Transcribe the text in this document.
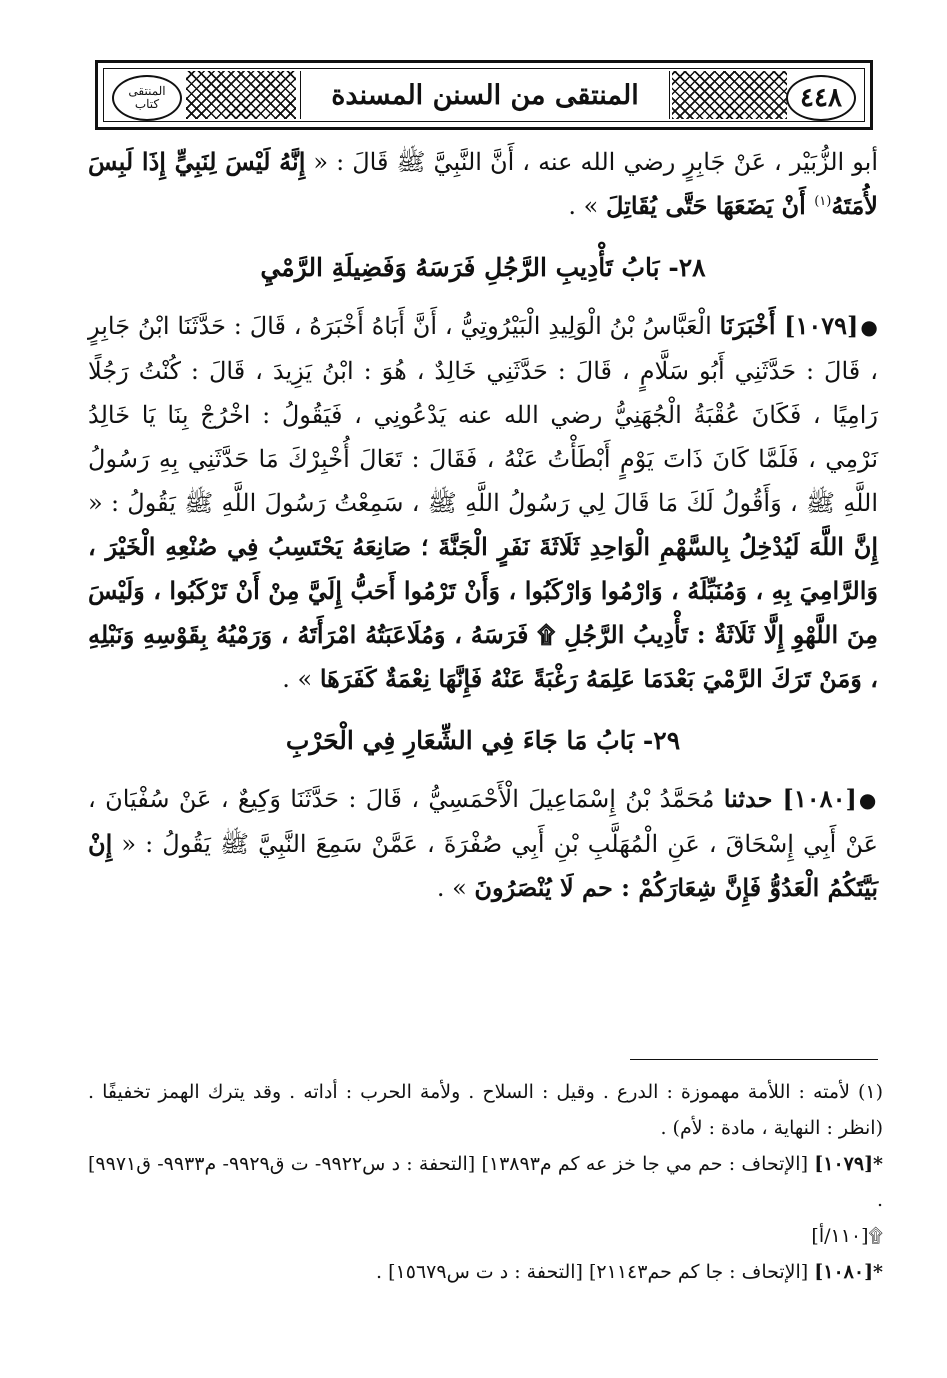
المنتقى
كتاب	المنتقى من السنن المسندة	٤٤٨

أبو الزُّبَيْر ، عَنْ جَابِرٍ رضي الله عنه ، أَنَّ النَّبِيَّ ﷺ قَالَ : « إِنَّهُ لَيْسَ لِنَبِيٍّ إِذَا لَبِسَ لأُمَتَهُ$^{(١)}$ أَنْ يَضَعَهَا حَتَّى يُقَاتِلَ » .

٢٨- بَابُ تَأْدِيبِ الرَّجُلِ فَرَسَهُ وَفَضِيلَةِ الرَّمْيِ

●[١٠٧٩] أَخْبَرَنَا الْعَبَّاسُ بْنُ الْوَلِيدِ الْبَيْرُوتِيُّ ، أَنَّ أَبَاهُ أَخْبَرَهُ ، قَالَ : حَدَّثَنَا ابْنُ جَابِرٍ ، قَالَ : حَدَّثَنِي أَبُو سَلَّامٍ ، قَالَ : حَدَّثَنِي خَالِدٌ ، هُوَ : ابْنُ يَزِيدَ ، قَالَ : كُنْتُ رَجُلًا رَامِيًا ، فَكَانَ عُقْبَةُ الْجُهَنِيُّ رضي الله عنه يَدْعُونِي ، فَيَقُولُ : اخْرُجْ بِنَا يَا خَالِدُ نَرْمِي ، فَلَمَّا كَانَ ذَاتَ يَوْمٍ أَبْطَأْتُ عَنْهُ ، فَقَالَ : تَعَالَ أُخْبِرْكَ مَا حَدَّثَنِي بِهِ رَسُولُ اللَّهِ ﷺ ، وَأَقُولُ لَكَ مَا قَالَ لِي رَسُولُ اللَّهِ ﷺ ، سَمِعْتُ رَسُولَ اللَّهِ ﷺ يَقُولُ : « إِنَّ اللَّهَ لَيُدْخِلُ بِالسَّهْمِ الْوَاحِدِ ثَلَاثَةَ نَفَرٍ الْجَنَّةَ ؛ صَانِعَهُ يَحْتَسِبُ فِي صُنْعِهِ الْخَيْرَ ، وَالرَّامِيَ بِهِ ، وَمُنَبِّلَهُ ، وَارْمُوا وَارْكَبُوا ، وَأَنْ تَرْمُوا أَحَبُّ إِلَيَّ مِنْ أَنْ تَرْكَبُوا ، وَلَيْسَ مِنَ اللَّهْوِ إِلَّا ثَلَاثَةٌ : تَأْدِيبُ الرَّجُلِ ۩ فَرَسَهُ ، وَمُلَاعَبَتُهُ امْرَأَتَهُ ، وَرَمْيُهُ بِقَوْسِهِ وَنَبْلِهِ ، وَمَنْ تَرَكَ الرَّمْيَ بَعْدَمَا عَلِمَهُ رَغْبَةً عَنْهُ فَإِنَّهَا نِعْمَةٌ كَفَرَهَا » .

٢٩- بَابُ مَا جَاءَ فِي الشِّعَارِ فِي الْحَرْبِ

●[١٠٨٠] حدثنا مُحَمَّدُ بْنُ إِسْمَاعِيلَ الْأَحْمَسِيُّ ، قَالَ : حَدَّثَنَا وَكِيعٌ ، عَنْ سُفْيَانَ ، عَنْ أَبِي إِسْحَاقَ ، عَنِ الْمُهَلَّبِ بْنِ أَبِي صُفْرَةَ ، عَمَّنْ سَمِعَ النَّبِيَّ ﷺ يَقُولُ : « إِنْ بَيَّتَكُمُ الْعَدُوُّ فَإِنَّ شِعَارَكُمْ : حم لَا يُنْصَرُونَ » .

(١) لأمته : اللأمة مهموزة : الدرع . وقيل : السلاح . ولأمة الحرب : أداته . وقد يترك الهمز تخفيفًا . (انظر : النهاية ، مادة : لأم) .

*[١٠٧٩] [الإتحاف : حم مي جا خز عه كم م١٣٨٩٣] [التحفة : د س٩٩٢٢- ت ق٩٩٢٩- م٩٩٣٣- ق٩٩٧١] .

۩[١١٠/أ]

*[١٠٨٠] [الإتحاف : جا كم حم٢١١٤٣] [التحفة : د ت س١٥٦٧٩] .
